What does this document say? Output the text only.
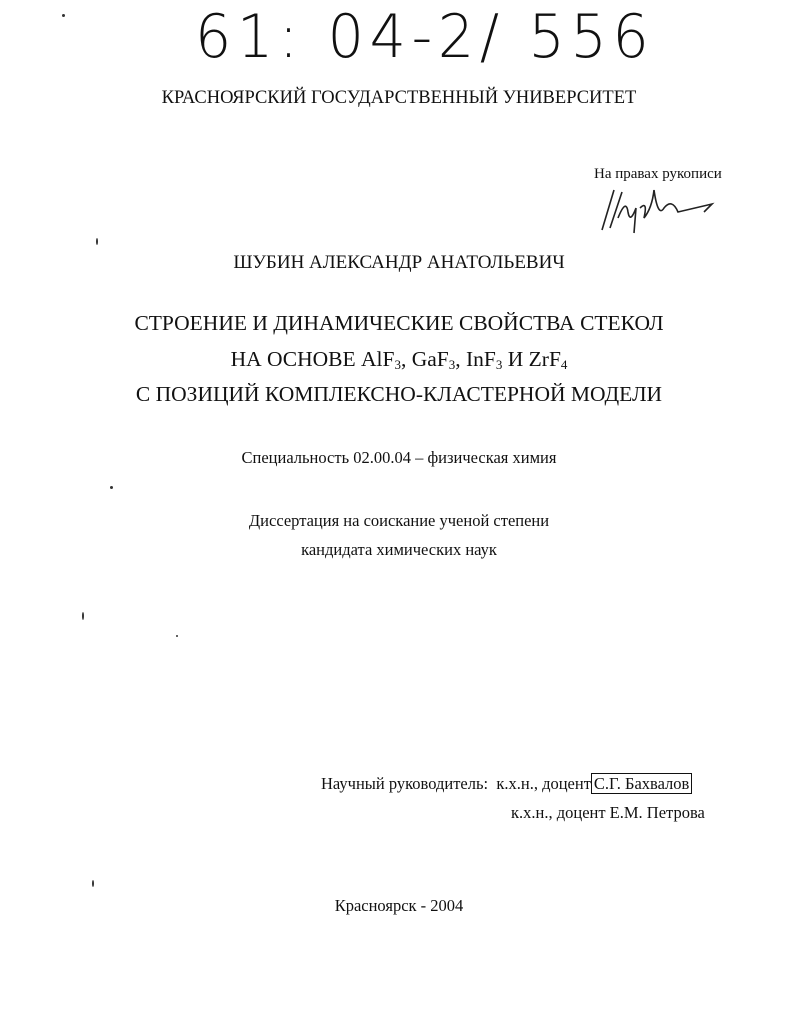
61: 04-2/ 556
КРАСНОЯРСКИЙ ГОСУДАРСТВЕННЫЙ УНИВЕРСИТЕТ
На правах рукописи
ШУБИН АЛЕКСАНДР АНАТОЛЬЕВИЧ
СТРОЕНИЕ И ДИНАМИЧЕСКИЕ СВОЙСТВА СТЕКОЛ
НА ОСНОВЕ AlF$_3$, GaF$_3$, InF$_3$ И ZrF$_4$
С ПОЗИЦИЙ КОМПЛЕКСНО-КЛАСТЕРНОЙ МОДЕЛИ
Специальность 02.00.04 – физическая химия
Диссертация на соискание ученой степени
кандидата химических наук
Научный руководитель: к.х.н., доцент С.Г. Бахвалов
к.х.н., доцент Е.М. Петрова
Красноярск - 2004
